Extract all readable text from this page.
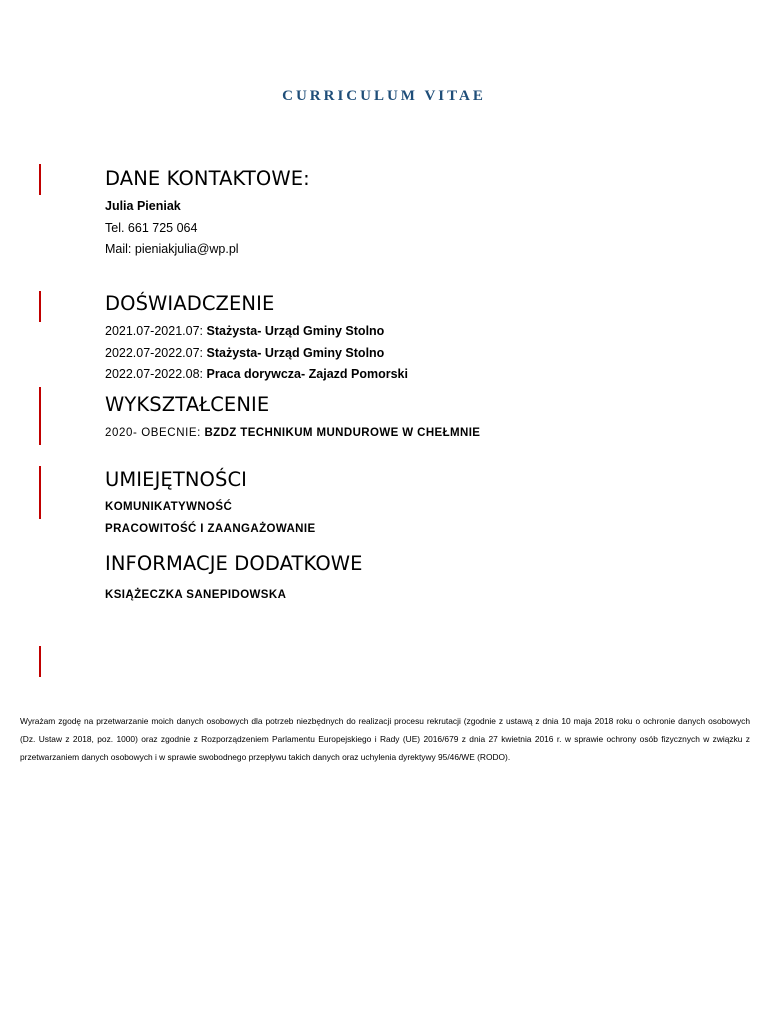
CURRICULUM VITAE
DANE KONTAKTOWE:
Julia Pieniak
Tel. 661 725 064
Mail: pieniakjulia@wp.pl
DOŚWIADCZENIE
2021.07-2021.07: Stażysta- Urząd Gminy Stolno
2022.07-2022.07: Stażysta- Urząd Gminy Stolno
2022.07-2022.08: Praca dorywcza- Zajazd Pomorski
WYKSZTAŁCENIE
2020- OBECNIE: BZDZ TECHNIKUM MUNDUROWE W CHEŁMNIE
UMIEJĘTNOŚCI
KOMUNIKATYWNOŚĆ
PRACOWITOŚĆ I ZAANGAŻOWANIE
INFORMACJE DODATKOWE
KSIĄŻECZKA SANEPIDOWSKA
Wyrażam zgodę na przetwarzanie moich danych osobowych dla potrzeb niezbędnych do realizacji procesu rekrutacji (zgodnie z ustawą z dnia 10 maja 2018 roku o ochronie danych osobowych (Dz. Ustaw z 2018, poz. 1000) oraz zgodnie z Rozporządzeniem Parlamentu Europejskiego i Rady (UE) 2016/679 z dnia 27 kwietnia 2016 r. w sprawie ochrony osób fizycznych w związku z przetwarzaniem danych osobowych i w sprawie swobodnego przepływu takich danych oraz uchylenia dyrektywy 95/46/WE (RODO).
